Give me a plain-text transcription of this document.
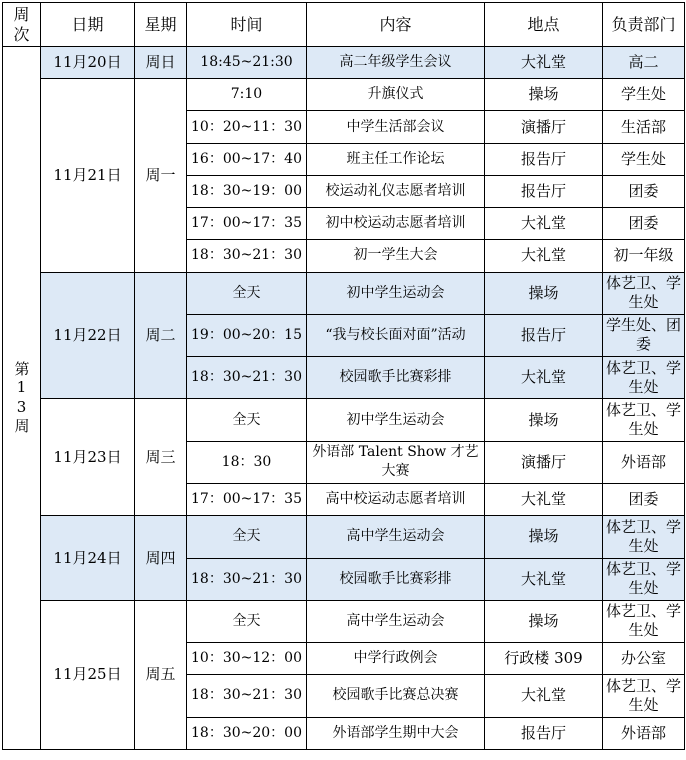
周次	日期	星期	时间	内容	地点	负责部门

第13周	11月20日	周日	18:45~21:30	高二年级学生会议	大礼堂	高二
	11月21日	周一	7:10	升旗仪式	操场	学生处
			10：20~11：30	中学生活部会议	演播厅	生活部
			16：00~17：40	班主任工作论坛	报告厅	学生处
			18：30~19：00	校运动礼仪志愿者培训	报告厅	团委
			17：00~17：35	初中校运动志愿者培训	大礼堂	团委
			18：30~21：30	初一学生大会	大礼堂	初一年级
	11月22日	周二	全天	初中学生运动会	操场	体艺卫、学生处
			19：00~20：15	“我与校长面对面”活动	报告厅	学生处、团委
			18：30~21：30	校园歌手比赛彩排	大礼堂	体艺卫、学生处
	11月23日	周三	全天	初中学生运动会	操场	体艺卫、学生处
			18：30	外语部 Talent Show 才艺大赛	演播厅	外语部
			17：00~17：35	高中校运动志愿者培训	大礼堂	团委
	11月24日	周四	全天	高中学生运动会	操场	体艺卫、学生处
			18：30~21：30	校园歌手比赛彩排	大礼堂	体艺卫、学生处
	11月25日	周五	全天	高中学生运动会	操场	体艺卫、学生处
			10：30~12：00	中学行政例会	行政楼 309	办公室
			18：30~21：30	校园歌手比赛总决赛	大礼堂	体艺卫、学生处
			18：30~20：00	外语部学生期中大会	报告厅	外语部
